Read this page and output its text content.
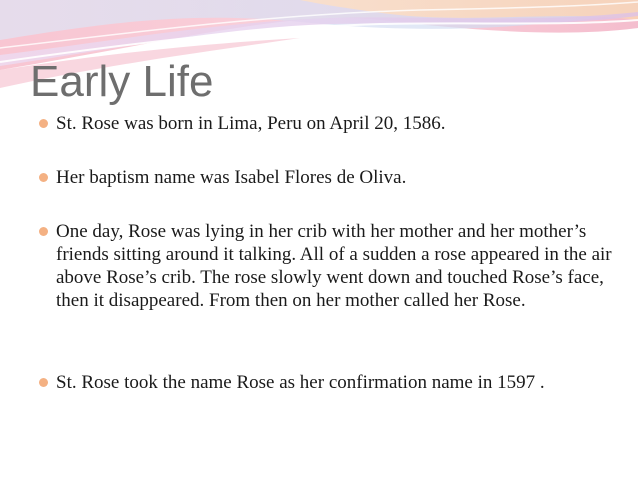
Early Life
St. Rose was born in Lima, Peru on April 20, 1586.
Her baptism name was Isabel Flores de Oliva.
One day, Rose was lying in her crib with her mother and her mother’s friends sitting around it talking. All of a sudden a rose appeared in the air above Rose’s crib. The rose slowly went down and touched Rose’s face, then it disappeared. From then on her mother called her Rose.
St. Rose took the name Rose as her confirmation name in 1597 .
